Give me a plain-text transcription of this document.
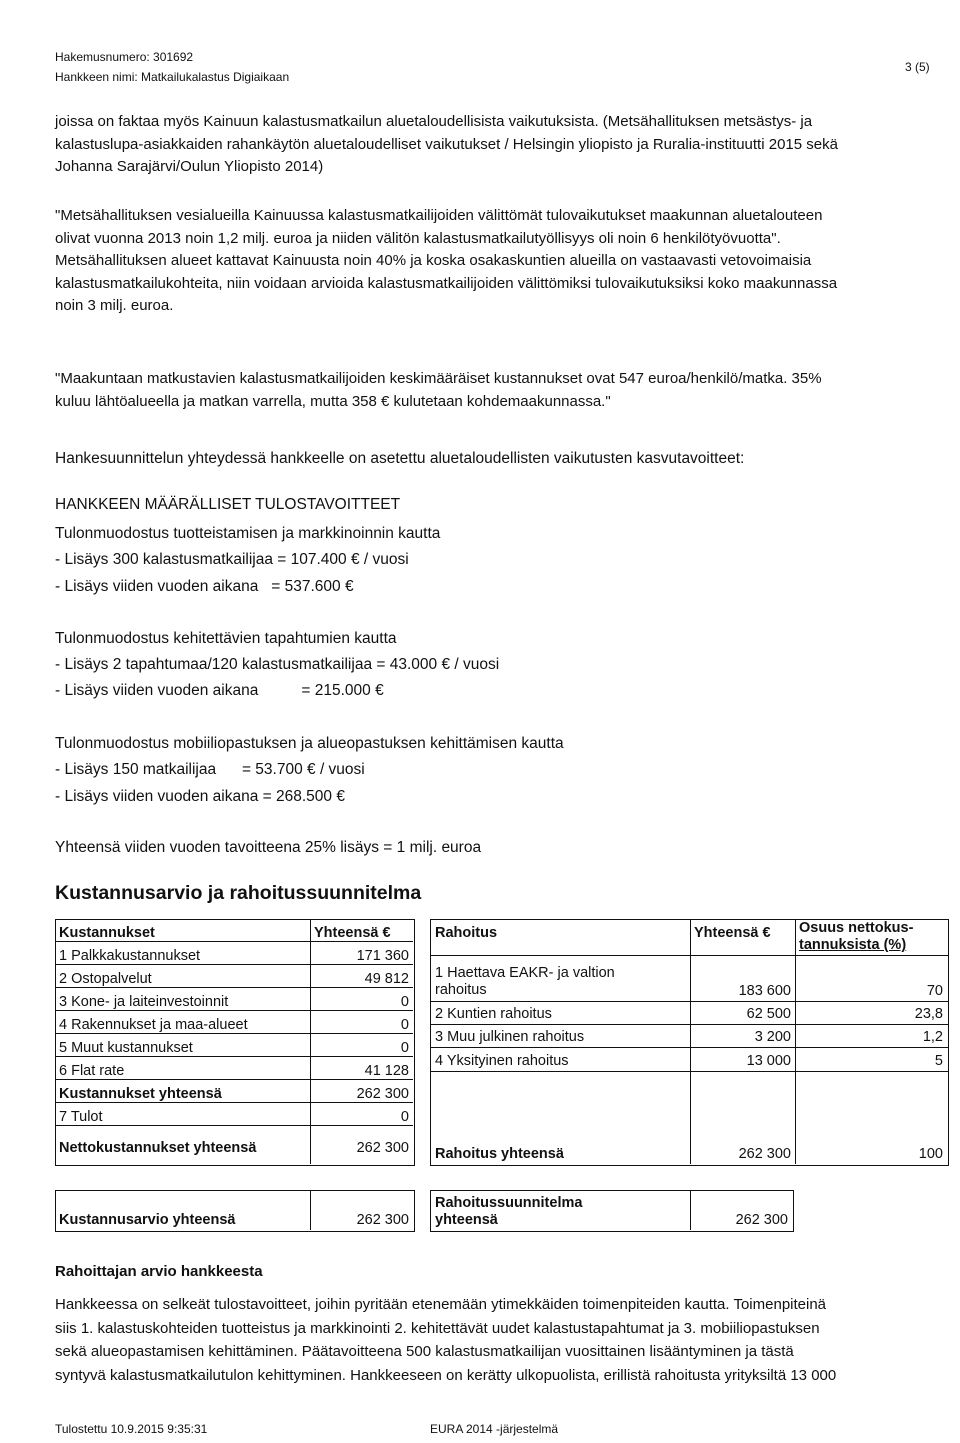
Hakemusnumero: 301692
Hankkeen nimi: Matkailukalastus Digiaikaan
3 (5)
joissa on faktaa myös Kainuun kalastusmatkailun aluetaloudellisista vaikutuksista. (Metsähallituksen metsästys- ja
kalastuslupa-asiakkaiden rahankäytön aluetaloudelliset vaikutukset / Helsingin yliopisto ja Ruralia-instituutti 2015 sekä
Johanna Sarajärvi/Oulun Yliopisto 2014)
"Metsähallituksen vesialueilla Kainuussa kalastusmatkailijoiden välittömät tulovaikutukset maakunnan aluetalouteen
olivat vuonna 2013 noin 1,2 milj. euroa ja niiden välitön kalastusmatkailutyöllisyys oli noin 6 henkilötyövuotta".
Metsähallituksen alueet kattavat Kainuusta noin 40% ja koska osakaskuntien alueilla on vastaavasti vetovoimaisia
kalastusmatkailukohteita, niin voidaan arvioida kalastusmatkailijoiden välittömiksi tulovaikutuksiksi koko maakunnassa
noin 3 milj. euroa.
"Maakuntaan matkustavien kalastusmatkailijoiden keskimääräiset kustannukset ovat 547 euroa/henkilö/matka. 35%
kuluu lähtöalueella ja matkan varrella, mutta 358 € kulutetaan kohdemaakunnassa."
Hankesuunnittelun yhteydessä hankkeelle on asetettu aluetaloudellisten vaikutusten kasvutavoitteet:
HANKKEEN MÄÄRÄLLISET TULOSTAVOITTEET
Tulonmuodostus tuotteistamisen ja markkinoinnin kautta
- Lisäys 300 kalastusmatkailijaa = 107.400 € / vuosi
- Lisäys viiden vuoden aikana   = 537.600 €
Tulonmuodostus kehitettävien tapahtumien kautta
- Lisäys 2 tapahtumaa/120 kalastusmatkailijaa = 43.000 € / vuosi
- Lisäys viiden vuoden aikana          = 215.000 €
Tulonmuodostus mobiiliopastuksen ja alueopastuksen kehittämisen kautta
- Lisäys 150 matkailijaa      = 53.700 € / vuosi
- Lisäys viiden vuoden aikana = 268.500 €
Yhteensä viiden vuoden tavoitteena 25% lisäys = 1 milj. euroa
Kustannusarvio ja rahoitussuunnitelma
Kustannukset	Yhteensä €
1 Palkkakustannukset	171 360
2 Ostopalvelut	49 812
3 Kone- ja laiteinvestoinnit	0
4 Rakennukset ja maa-alueet	0
5 Muut kustannukset	0
6 Flat rate	41 128
Kustannukset yhteensä	262 300
7 Tulot	0
Nettokustannukset yhteensä	262 300
Rahoitus	Yhteensä € Osuus nettokus-
tannuksista (%)
1 Haettava EAKR- ja valtion
rahoitus	183 600	70
2 Kuntien rahoitus	62 500	23,8
3 Muu julkinen rahoitus	3 200	1,2
4 Yksityinen rahoitus	13 000	5
Rahoitus yhteensä	262 300	100
Kustannusarvio yhteensä	262 300
Rahoitussuunnitelma
yhteensä	262 300
Rahoittajan arvio hankkeesta
Hankkeessa on selkeät tulostavoitteet, joihin pyritään etenemään ytimekkäiden toimenpiteiden kautta. Toimenpiteinä
siis 1. kalastuskohteiden tuotteistus ja markkinointi 2. kehitettävät uudet kalastustapahtumat ja 3. mobiiliopastuksen
sekä alueopastamisen kehittäminen. Päätavoitteena 500 kalastusmatkailijan vuosittainen lisääntyminen ja tästä
syntyvä kalastusmatkailutulon kehittyminen. Hankkeeseen on kerätty ulkopuolista, erillistä rahoitusta yrityksiltä 13 000
Tulostettu 10.9.2015 9:35:31	EURA 2014 -järjestelmä
